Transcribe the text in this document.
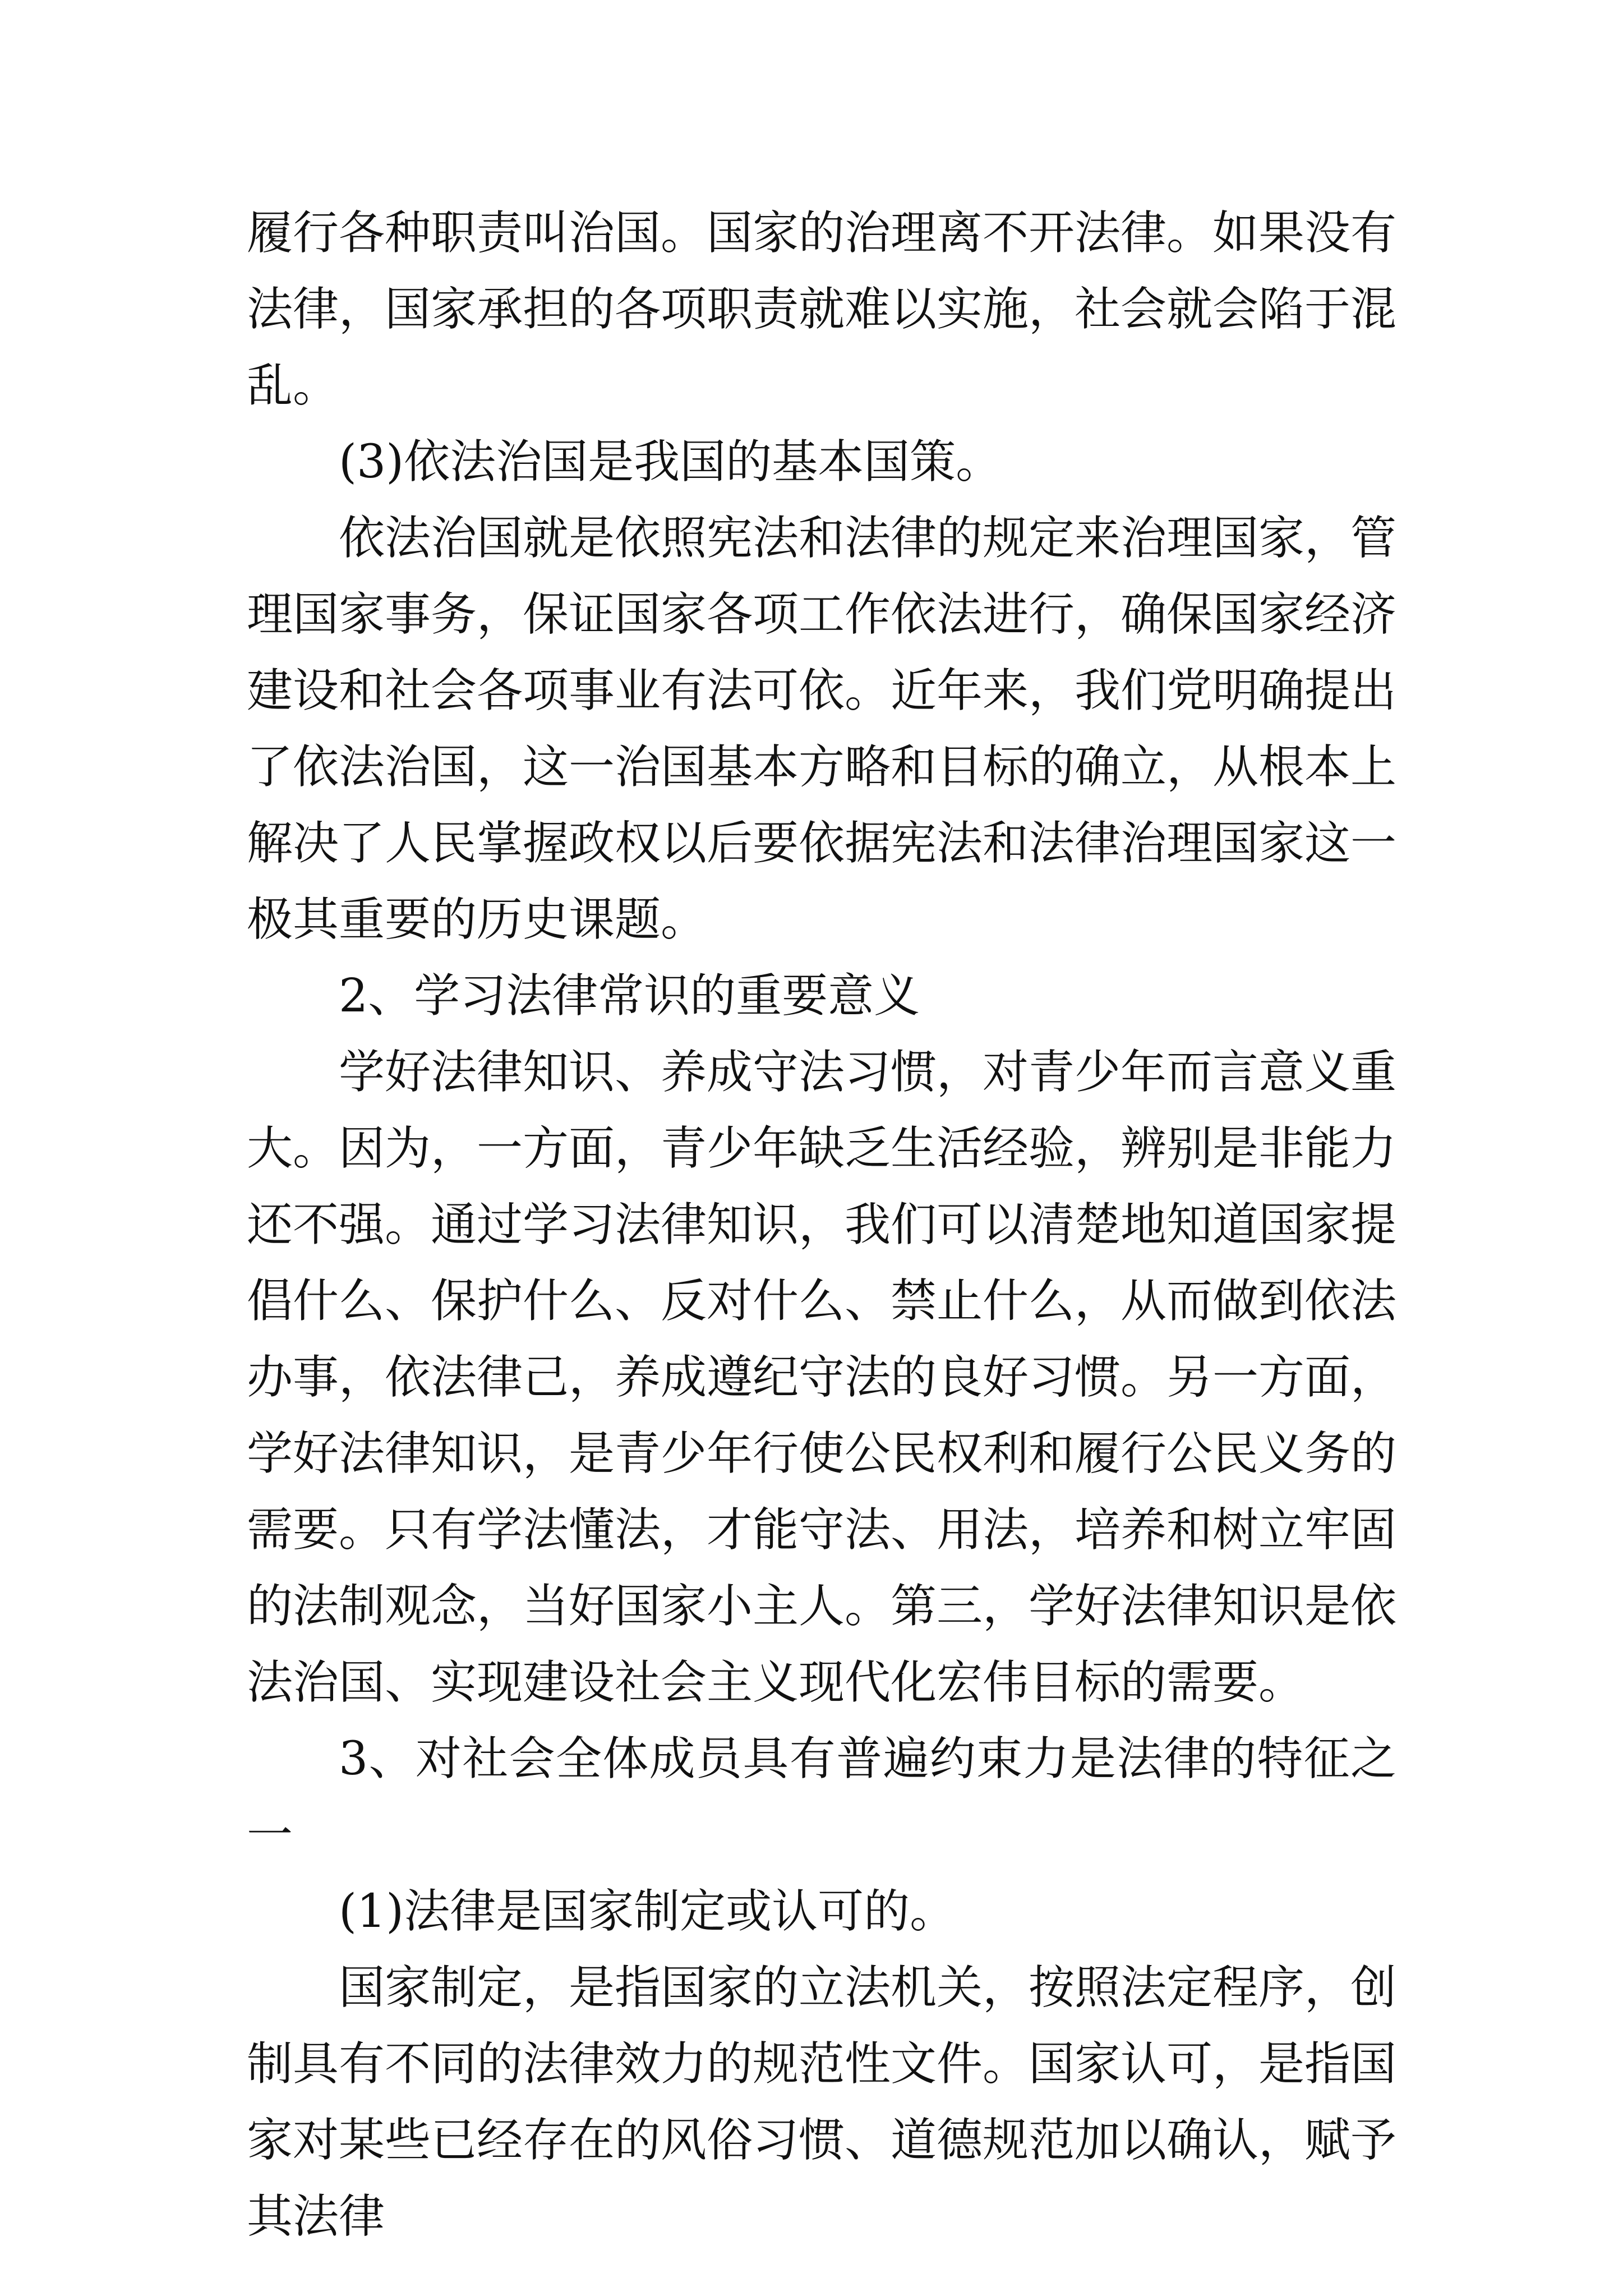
履行各种职责叫治国。国家的治理离不开法律。如果没有法律，国家承担的各项职责就难以实施，社会就会陷于混乱。

(3)依法治国是我国的基本国策。

依法治国就是依照宪法和法律的规定来治理国家，管理国家事务，保证国家各项工作依法进行，确保国家经济建设和社会各项事业有法可依。近年来，我们党明确提出了依法治国，这一治国基本方略和目标的确立，从根本上解决了人民掌握政权以后要依据宪法和法律治理国家这一极其重要的历史课题。

2、学习法律常识的重要意义

学好法律知识、养成守法习惯，对青少年而言意义重大。因为，一方面，青少年缺乏生活经验，辨别是非能力还不强。通过学习法律知识，我们可以清楚地知道国家提倡什么、保护什么、反对什么、禁止什么，从而做到依法办事，依法律己，养成遵纪守法的良好习惯。另一方面，学好法律知识，是青少年行使公民权利和履行公民义务的需要。只有学法懂法，才能守法、用法，培养和树立牢固的法制观念，当好国家小主人。第三，学好法律知识是依法治国、实现建设社会主义现代化宏伟目标的需要。

3、对社会全体成员具有普遍约束力是法律的特征之一

(1)法律是国家制定或认可的。

国家制定，是指国家的立法机关，按照法定程序，创制具有不同的法律效力的规范性文件。国家认可，是指国家对某些已经存在的风俗习惯、道德规范加以确认，赋予其法律
